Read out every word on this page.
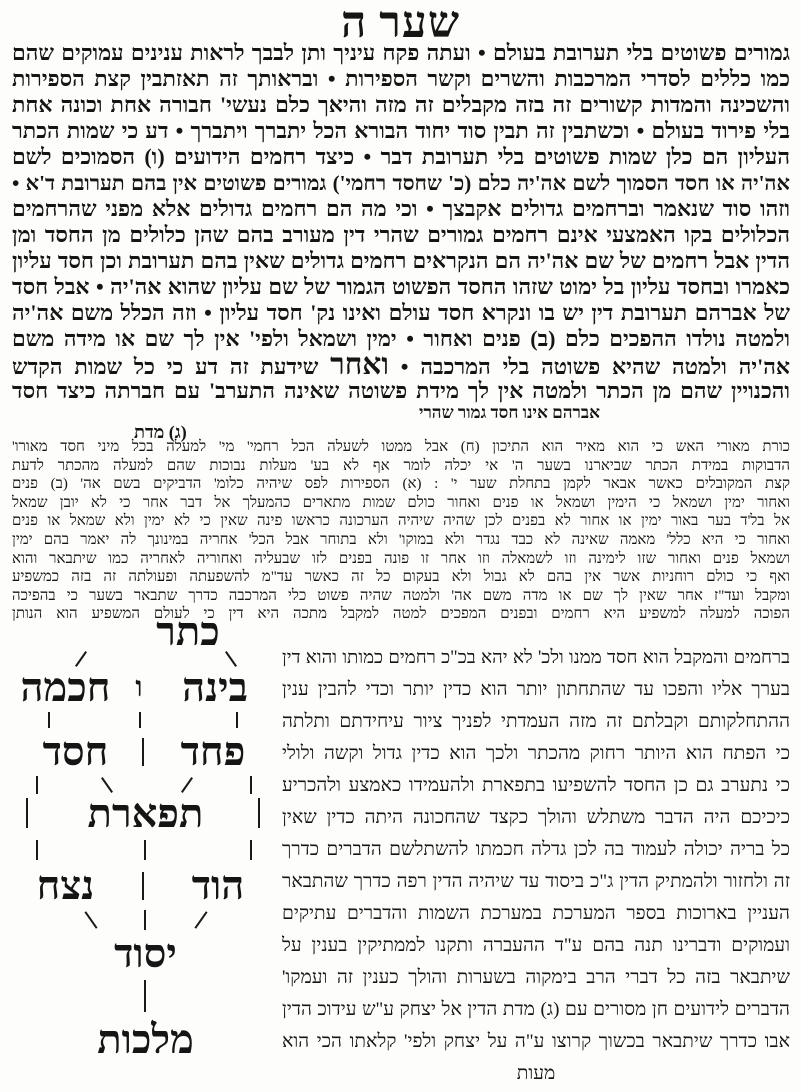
שער ה
גמורים פשוטים בלי תערובת בעולם • ועתה פקח עיניך ותן לבבך לראות ענינים עמוקים שהם
כמו כללים לסדרי המרכבות והשרים וקשר הספירות • ובראותך זה תאזתבין קצת הספירות
והשכינה והמדות קשורים זה בזה מקבלים זה מזה והיאך כלם נעשי' חבורה אחת וכונה אחת
בלי פירוד בעולם • וכשתבין זה תבין סוד יחוד הבורא הכל יתברך ויתברך • דע כי שמות הכתר
העליון הם כלן שמות פשוטים בלי תערובת דבר • כיצד רחמים הידועים (ו) הסמוכים לשם
אה'יה או חסד הסמוך לשם אה'יה כלם (כ' שחסד רחמי') גמורים פשוטים אין בהם תערובת ד'א •
וזהו סוד שנאמר וברחמים גדולים אקבצך • וכי מה הם רחמים גדולים אלא מפני שהרחמים
הכלולים בקו האמצעי אינם רחמים גמורים שהרי דין מעורב בהם שהן כלולים מן החסד ומן
הדין אבל רחמים של שם אה'יה הם הנקראים רחמים גדולים שאין בהם תערובת וכן חסד עליון
כאמרו ובחסד עליון בל ימוט שזהו החסד הפשוט הגמור של שם עליון שהוא אה'יה • אבל חסד
של אברהם תערובת דין יש בו ונקרא חסד עולם ואינו נק' חסד עליון • וזה הכלל משם אה'יה
ולמטה נולדו ההפכים כלם (ב) פנים ואחור • ימין ושמאל ולפי' אין לך שם או מידה משם
אה'יה ולמטה שהיא פשוטה בלי המרכבה • ואחר שידעת זה דע כי כל שמות הקדש
והכנויין שהם מן הכתר ולמטה אין לך מידת פשוטה שאינה התערב' עם חברתה כיצד חסד
אברהם אינו חסד גמור שהרי
(ג) מדת
כורת מאורי האש כי הוא מאיר הוא התיכון (ח) אבל ממטו לשעלה הכל רחמי' מי' למעלה בכל מיני חסד מאורו'
הדבוקות במידת הכתר שביארנו בשער ה' אי יכלה לומר אף לא בע' מעלות נבוכות שהם למעלה מהכתר לדעת
קצת המקובלים כאשר אבאר לקמן בתחלת שער י' : (א) הספירות לפס שיהיה כלומ' הדביקים בשם אה' (ב) פנים
ואחור ימין ושמאל כי הימין ושמאל או פנים ואחור כולם שמות מתארים כהמעלך אל דבר אחר כי לא יובן שמאל
אל בל'ד בער באור ימין או אחור לא בפנים לכן שהיה שיהיה הערכונה כראשו פינה שאין כי לא ימין ולא שמאל או פנים
ואחור כי היא כלל' מאמה שאינה לא כבד נגדר ולא במוקו' ולא בתוחר אבל הכל' אחריה במינונך לה יאמר בהם ימין
ושמאל פנים ואחור שזו לימינה וזו לשמאלה וזו אחר זו פונה בפנים לזו שבעליה ואחוריה לאחריה כמו שיתבאר והוא
ואף כי כולם רוחניות אשר אין בהם לא גבול ולא בעקום כל זה כאשר עד"מ להשפעתה ופעולתה זה בזה כמשפיע
ומקבל ועד"ז אחר שאין לך שם או מדה משם אה' ולמטה שהיה פשוט כלי המרכבה כדרך שתבאר בשער כי בהפיכה
הפוכה למעלה למשפיע היא רחמים ובפנים המפכים למטה למקבל מתכה היא דין כי לעולם המשפיע הוא הנותן
כתר
חכמה ו בינה
חסד	פחד
תפארת
נצח	הוד
יסוד
מלכות
ברחמים והמקבל הוא חסד ממנו ולכ' לא יהא בכ"כ רחמים כמותו והוא דין
בערך אליו והפכו עד שהתחתון יותר הוא כדין יותר וכדי להבין ענין
ההתחלקותם וקבלתם זה מזה העמדתי לפניך ציור עיחידתם ותלתה
כי הפתח הוא היותר רחוק מהכתר ולכך הוא כדין גדול וקשה ולולי
כי נתערב גם כן החסד להשפיעו בתפארת ולהעמידו כאמצע ולהכריע
כיכיכם היה הדבר משתלש והולך כקצד שהחכונה היתה כדין שאין
כל בריה יכולה לעמוד בה לכן גדלה חכמתו להשתלשם הדברים כדרך
זה ולחזור ולהמתיק הדין ג"כ ביסוד עד שיהיה הדין רפה כדרך שהתבאר
העניין בארוכות בספר המערכת במערכת השמות והדברים עתיקים
ועמוקים ודברינו תנה בהם ע"ד ההעברה ותקנו לממתיקין בענין על
שיתבאר בזה כל דברי הרב בימקוה בשערות והולך כענין זה ועמקו'
הדברים לידועים חן מסורים עם (ג) מדת הדין אל יצחק ע"ש עידוכ הדין
אבו כדרך שיתבאר בכשוך קרוצו ע"ה על יצחק ולפי' קלאתו הכי הוא
מעות
